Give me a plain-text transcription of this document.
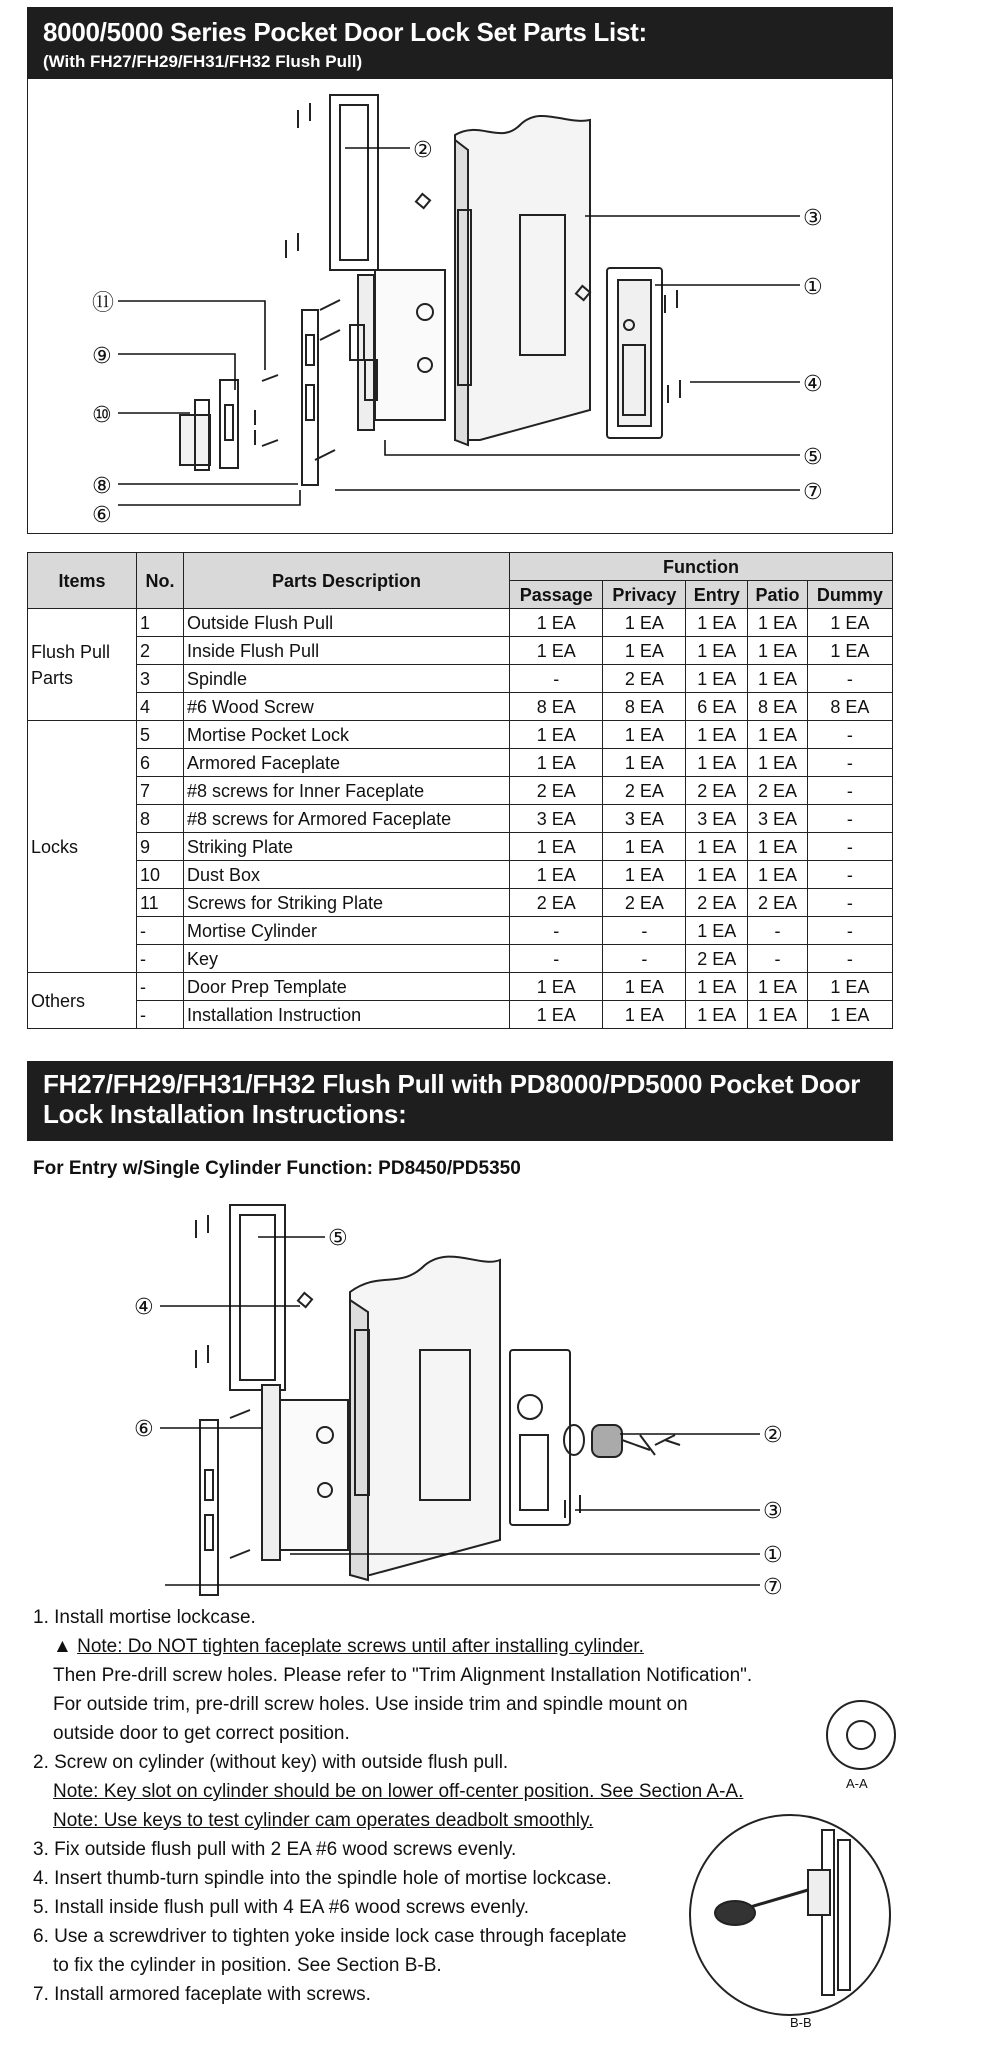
8000/5000 Series Pocket Door Lock Set Parts List:
(With FH27/FH29/FH31/FH32 Flush Pull)
②
③
①
④
⑤
⑦
⑪
⑨
⑩
⑧
⑥
Items	No.	Parts Description	Function				
			Passage	Privacy	Entry	Patio	Dummy
Flush Pull Parts	1	Outside Flush Pull	1 EA	1 EA	1 EA	1 EA	1 EA
	2	Inside Flush Pull	1 EA	1 EA	1 EA	1 EA	1 EA
	3	Spindle	-	2 EA	1 EA	1 EA	-
	4	#6 Wood Screw	8 EA	8 EA	6 EA	8 EA	8 EA
Locks	5	Mortise Pocket Lock	1 EA	1 EA	1 EA	1 EA	-
	6	Armored Faceplate	1 EA	1 EA	1 EA	1 EA	-
	7	#8 screws for Inner Faceplate	2 EA	2 EA	2 EA	2 EA	-
	8	#8 screws for Armored Faceplate	3 EA	3 EA	3 EA	3 EA	-
	9	Striking Plate	1 EA	1 EA	1 EA	1 EA	-
	10	Dust Box	1 EA	1 EA	1 EA	1 EA	-
	11	Screws for Striking Plate	2 EA	2 EA	2 EA	2 EA	-
	-	Mortise Cylinder	-	-	1 EA	-	-
	-	Key	-	-	2 EA	-	-
Others	-	Door Prep Template	1 EA	1 EA	1 EA	1 EA	1 EA
	-	Installation Instruction	1 EA	1 EA	1 EA	1 EA	1 EA
FH27/FH29/FH31/FH32 Flush Pull with PD8000/PD5000 Pocket Door Lock Installation Instructions:
For Entry w/Single Cylinder Function: PD8450/PD5350
⑤
④
②
③
①
⑥
⑦
A-A
B-B
1. Install mortise lockcase.
▲ Note: Do NOT tighten faceplate screws until after installing cylinder.
Then Pre-drill screw holes. Please refer to "Trim Alignment Installation Notification".
For outside trim, pre-drill screw holes. Use inside trim and spindle mount on
outside door to get correct position.
2. Screw on cylinder (without key) with outside flush pull.
Note: Key slot on cylinder should be on lower off-center position. See Section A-A.
Note: Use keys to test cylinder cam operates deadbolt smoothly.
3. Fix outside flush pull with 2 EA #6 wood screws evenly.
4. Insert thumb-turn spindle into the spindle hole of mortise lockcase.
5. Install inside flush pull with 4 EA #6 wood screws evenly.
6. Use a screwdriver to tighten yoke inside lock case through faceplate
to fix the cylinder in position. See Section B-B.
7. Install armored faceplate with screws.
